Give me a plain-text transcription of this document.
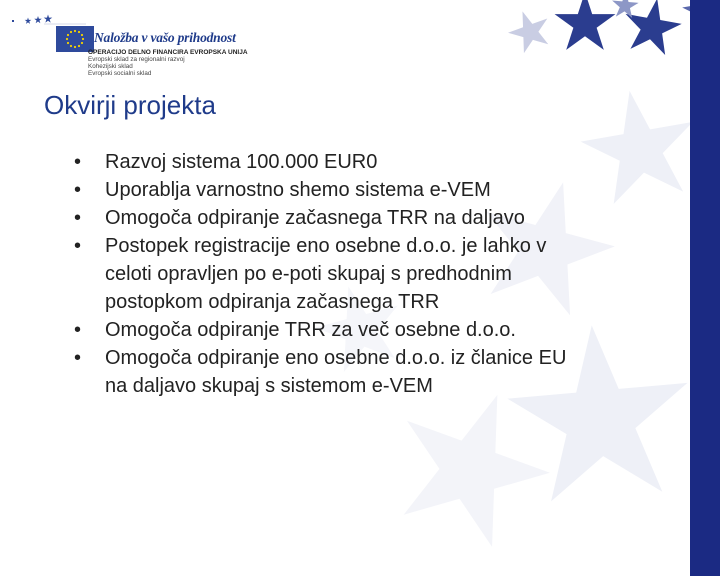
Naložba v vašo prihodnost
OPERACIJO DELNO FINANCIRA EVROPSKA UNIJA
Evropski sklad za regionalni razvoj
Kohezijski sklad
Evropski socialni sklad
Okvirji projekta
• Razvoj sistema 100.000 EUR0
• Uporablja varnostno shemo sistema e-VEM
• Omogoča odpiranje začasnega TRR na daljavo
• Postopek registracije eno osebne d.o.o. je lahko v
celoti opravljen po e-poti skupaj s predhodnim
postopkom odpiranja začasnega TRR
• Omogoča odpiranje TRR za več osebne d.o.o.
• Omogoča odpiranje eno osebne d.o.o. iz članice EU
na daljavo skupaj s sistemom e-VEM
